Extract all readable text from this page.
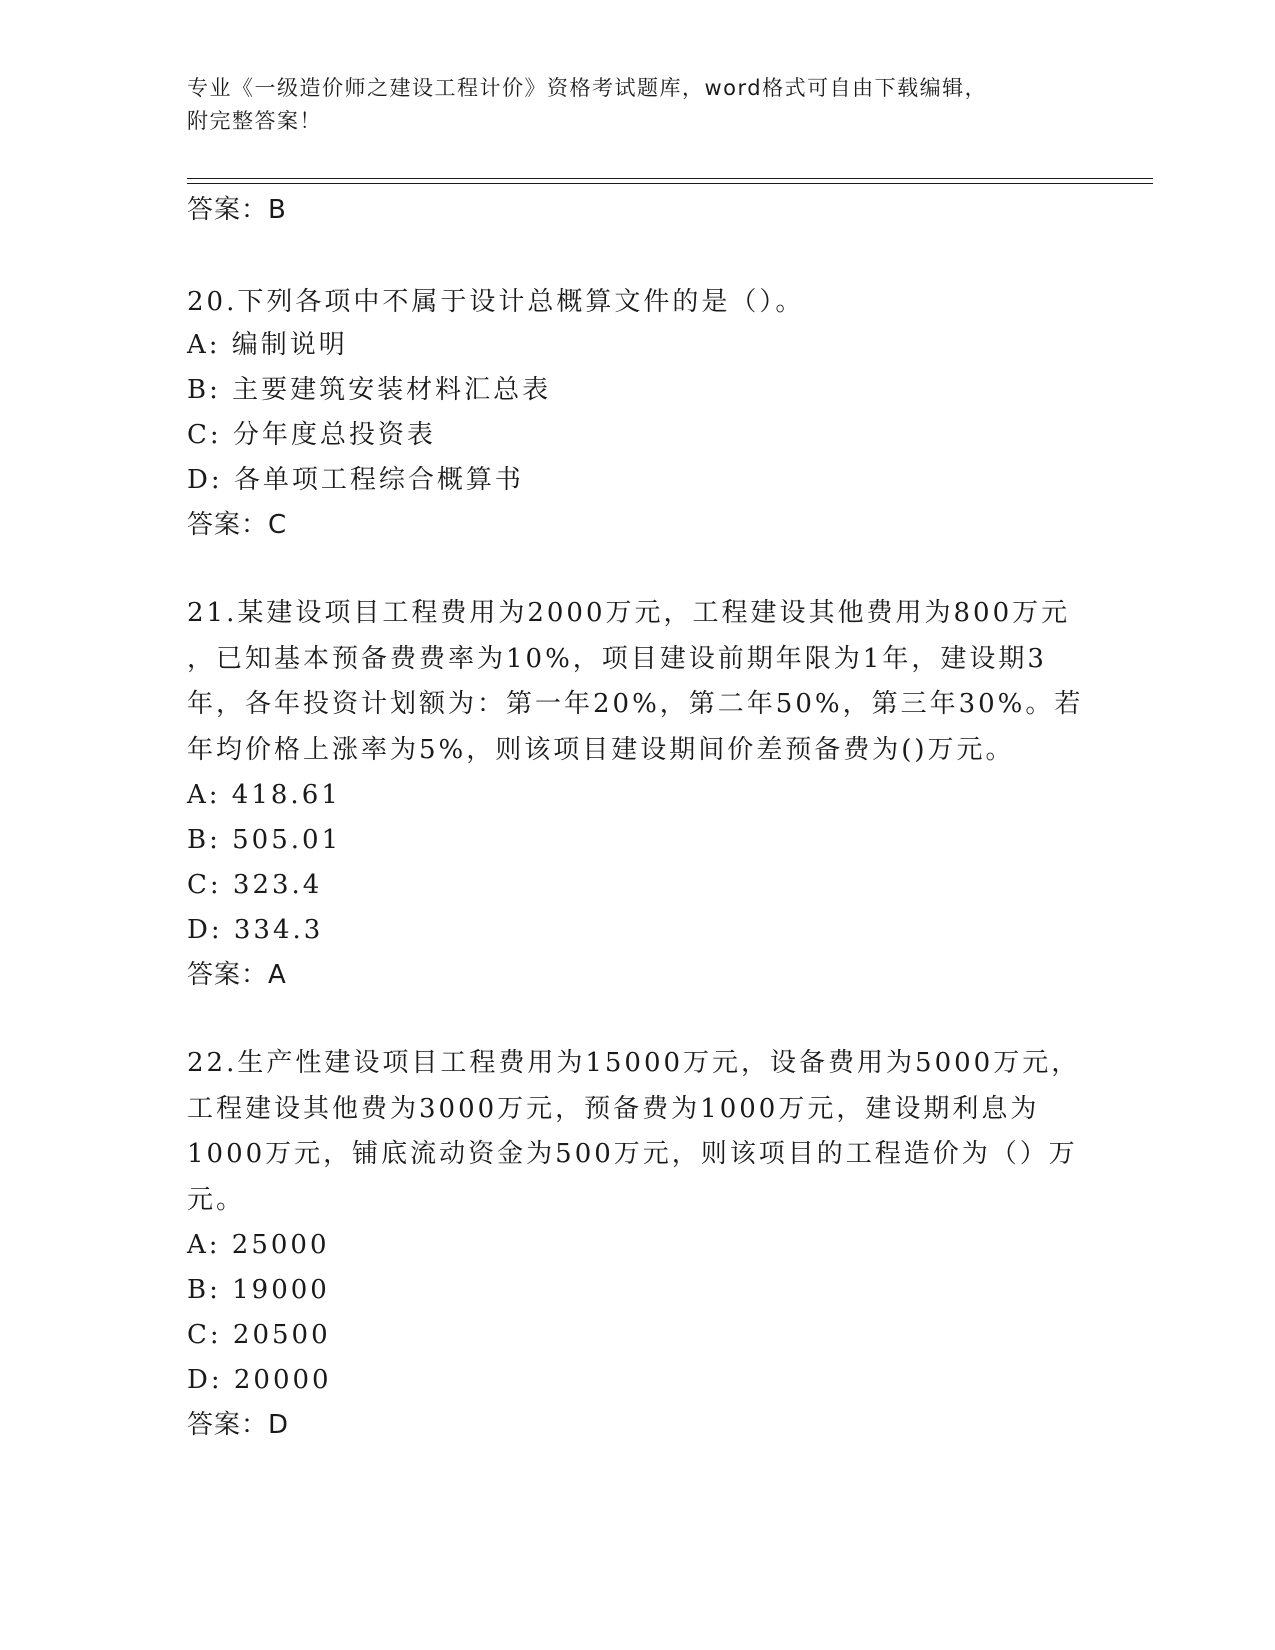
专业《一级造价师之建设工程计价》资格考试题库，word格式可自由下载编辑，
附完整答案！
答案：B
20.下列各项中不属于设计总概算文件的是（）。
A: 编制说明
B: 主要建筑安装材料汇总表
C: 分年度总投资表
D: 各单项工程综合概算书
答案：C
21.某建设项目工程费用为2000万元，工程建设其他费用为800万元
，已知基本预备费费率为10%，项目建设前期年限为1年，建设期3
年，各年投资计划额为：第一年20%，第二年50%，第三年30%。若
年均价格上涨率为5%，则该项目建设期间价差预备费为()万元。
A: 418.61
B: 505.01
C: 323.4
D: 334.3
答案：A
22.生产性建设项目工程费用为15000万元，设备费用为5000万元，
工程建设其他费为3000万元，预备费为1000万元，建设期利息为
1000万元，铺底流动资金为500万元，则该项目的工程造价为（）万
元。
A: 25000
B: 19000
C: 20500
D: 20000
答案：D
